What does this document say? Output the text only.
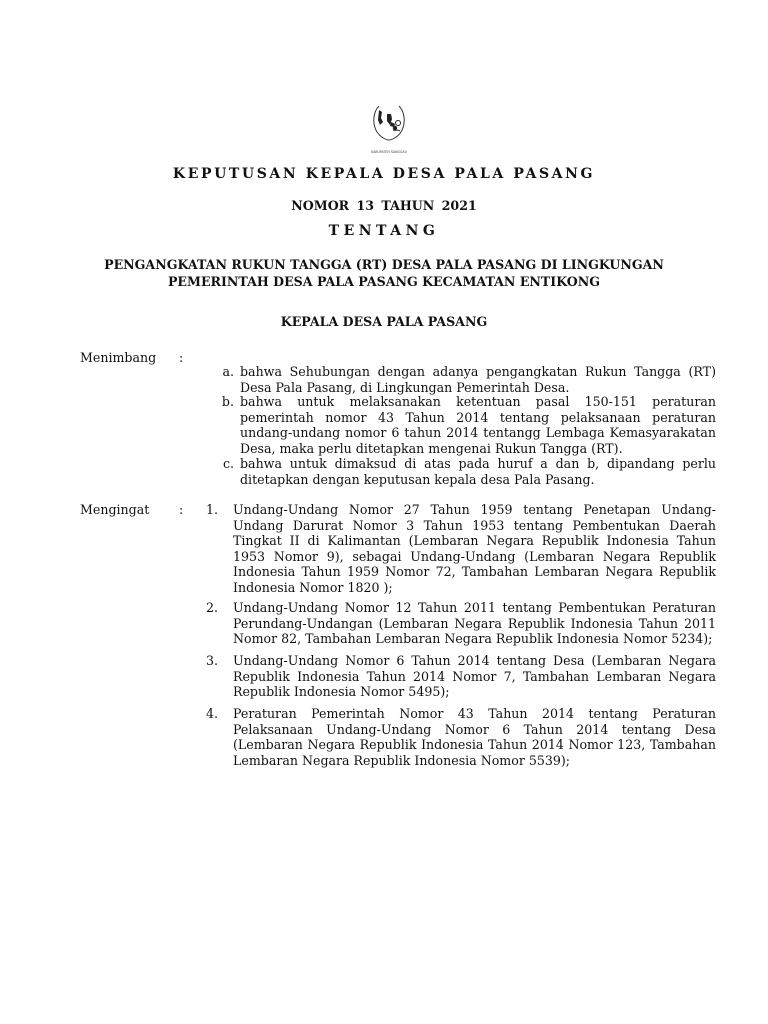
KABUPATEN SANGGAU
KEPUTUSAN KEPALA DESA PALA PASANG
NOMOR 13 TAHUN 2021
TENTANG
PENGANGKATAN RUKUN TANGGA (RT) DESA PALA PASANG DI LINGKUNGAN
PEMERINTAH DESA PALA PASANG KECAMATAN ENTIKONG
KEPALA DESA PALA PASANG
Menimbang :
a. bahwa Sehubungan dengan adanya pengangkatan Rukun Tangga (RT)
Desa Pala Pasang, di Lingkungan Pemerintah Desa.
b. bahwa untuk melaksanakan ketentuan pasal 150-151 peraturan
pemerintah nomor 43 Tahun 2014 tentang pelaksanaan peraturan
undang-undang nomor 6 tahun 2014 tentangg Lembaga Kemasyarakatan
Desa, maka perlu ditetapkan mengenai Rukun Tangga (RT).
c. bahwa untuk dimaksud di atas pada huruf a dan b, dipandang perlu
ditetapkan dengan keputusan kepala desa Pala Pasang.
Mengingat :	1. Undang-Undang Nomor 27 Tahun 1959 tentang Penetapan Undang-
Undang Darurat Nomor 3 Tahun 1953 tentang Pembentukan Daerah
Tingkat II di Kalimantan (Lembaran Negara Republik Indonesia Tahun
1953 Nomor 9), sebagai Undang-Undang (Lembaran Negara Republik
Indonesia Tahun 1959 Nomor 72, Tambahan Lembaran Negara Republik
Indonesia Nomor 1820 );
2. Undang-Undang Nomor 12 Tahun 2011 tentang Pembentukan Peraturan
Perundang-Undangan (Lembaran Negara Republik Indonesia Tahun 2011
Nomor 82, Tambahan Lembaran Negara Republik Indonesia Nomor 5234);
3. Undang-Undang Nomor 6 Tahun 2014 tentang Desa (Lembaran Negara
Republik Indonesia Tahun 2014 Nomor 7, Tambahan Lembaran Negara
Republik Indonesia Nomor 5495);
4. Peraturan Pemerintah Nomor 43 Tahun 2014 tentang Peraturan
Pelaksanaan Undang-Undang Nomor 6 Tahun 2014 tentang Desa
(Lembaran Negara Republik Indonesia Tahun 2014 Nomor 123, Tambahan
Lembaran Negara Republik Indonesia Nomor 5539);
